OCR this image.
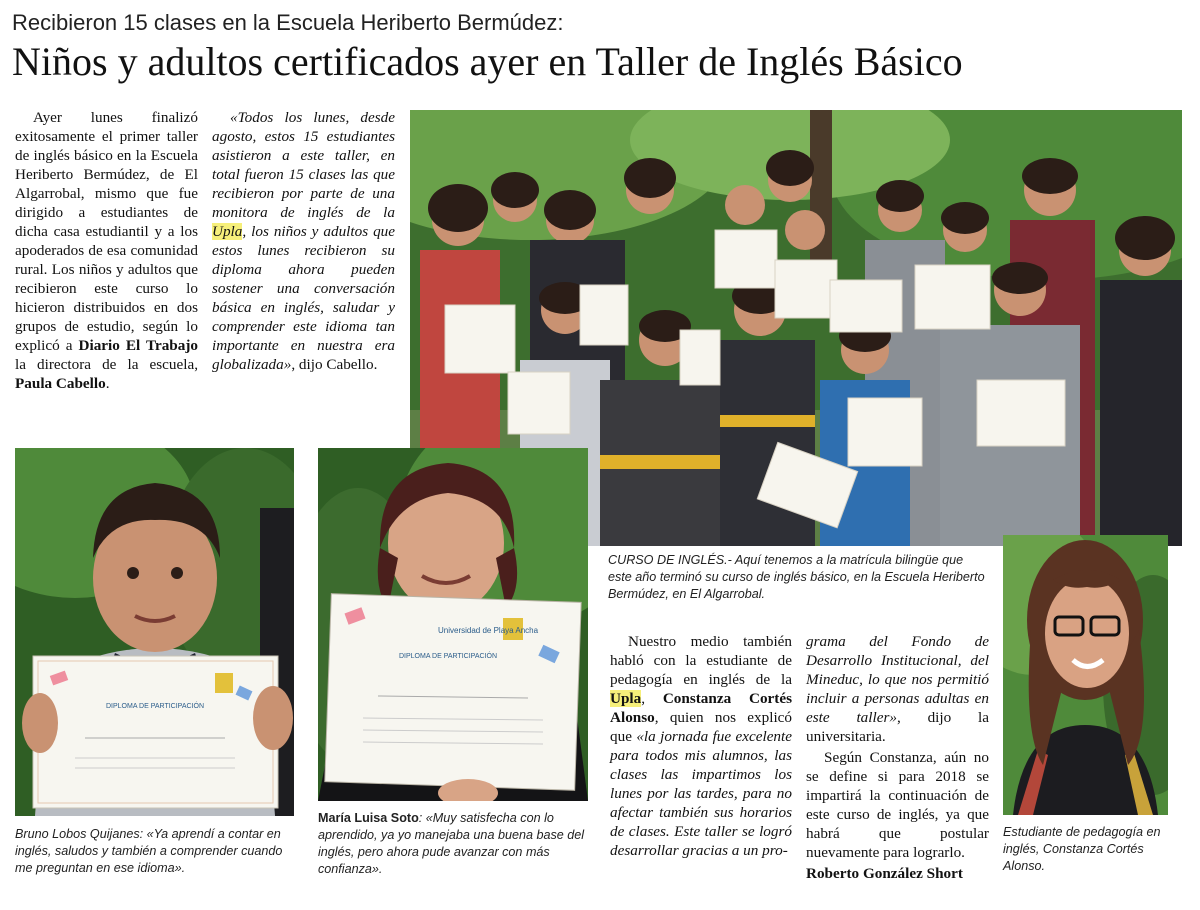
Recibieron 15 clases en la Escuela Heriberto Bermúdez:
Niños y adultos certificados ayer en Taller de Inglés Básico

Ayer lunes finalizó exitosamente el primer taller de inglés básico en la Escuela Heriberto Bermúdez, de El Algarrobal, mismo que fue dirigido a estudiantes de dicha casa estudiantil y a los apoderados de esa comunidad rural. Los niños y adultos que recibieron este curso lo hicieron distribuidos en dos grupos de estudio, según lo explicó a Diario El Trabajo la directora de la escuela, Paula Cabello.

«Todos los lunes, desde agosto, estos 15 estudiantes asistieron a este taller, en total fueron 15 clases las que recibieron por parte de una monitora de inglés de la Upla, los niños y adultos que estos lunes recibieron su diploma ahora pueden sostener una conversación básica en inglés, saludar y comprender este idioma tan importante en nuestra era globalizada», dijo Cabello.

DIPLOMA DE PARTICIPACIÓN
Universidad de Playa Ancha
DIPLOMA DE PARTICIPACIÓN
CURSO DE INGLÉS.- Aquí tenemos a la matrícula bilingüe que este año terminó su curso de inglés básico, en la Escuela Heriberto Bermúdez, en El Algarrobal.
Bruno Lobos Quijanes: «Ya aprendí a contar en inglés, saludos y también a comprender cuando me preguntan en ese idioma».
María Luisa Soto: «Muy satisfecha con lo aprendido, ya yo manejaba una buena base del inglés, pero ahora pude avanzar con más confianza».
Estudiante de pedagogía en inglés, Constanza Cortés Alonso.

Nuestro medio también habló con la estudiante de pedagogía en inglés de la Upla, Constanza Cortés Alonso, quien nos explicó que «la jornada fue excelente para todos mis alumnos, las clases las impartimos los lunes por las tardes, para no afectar también sus horarios de clases. Este taller se logró desarrollar gracias a un pro-

grama del Fondo de Desarrollo Institucional, del Mineduc, lo que nos permitió incluir a personas adultas en este taller», dijo la universitaria.

Según Constanza, aún no se define si para 2018 se impartirá la continuación de este curso de inglés, ya que habrá que postular nuevamente para lograrlo.

Roberto González Short
